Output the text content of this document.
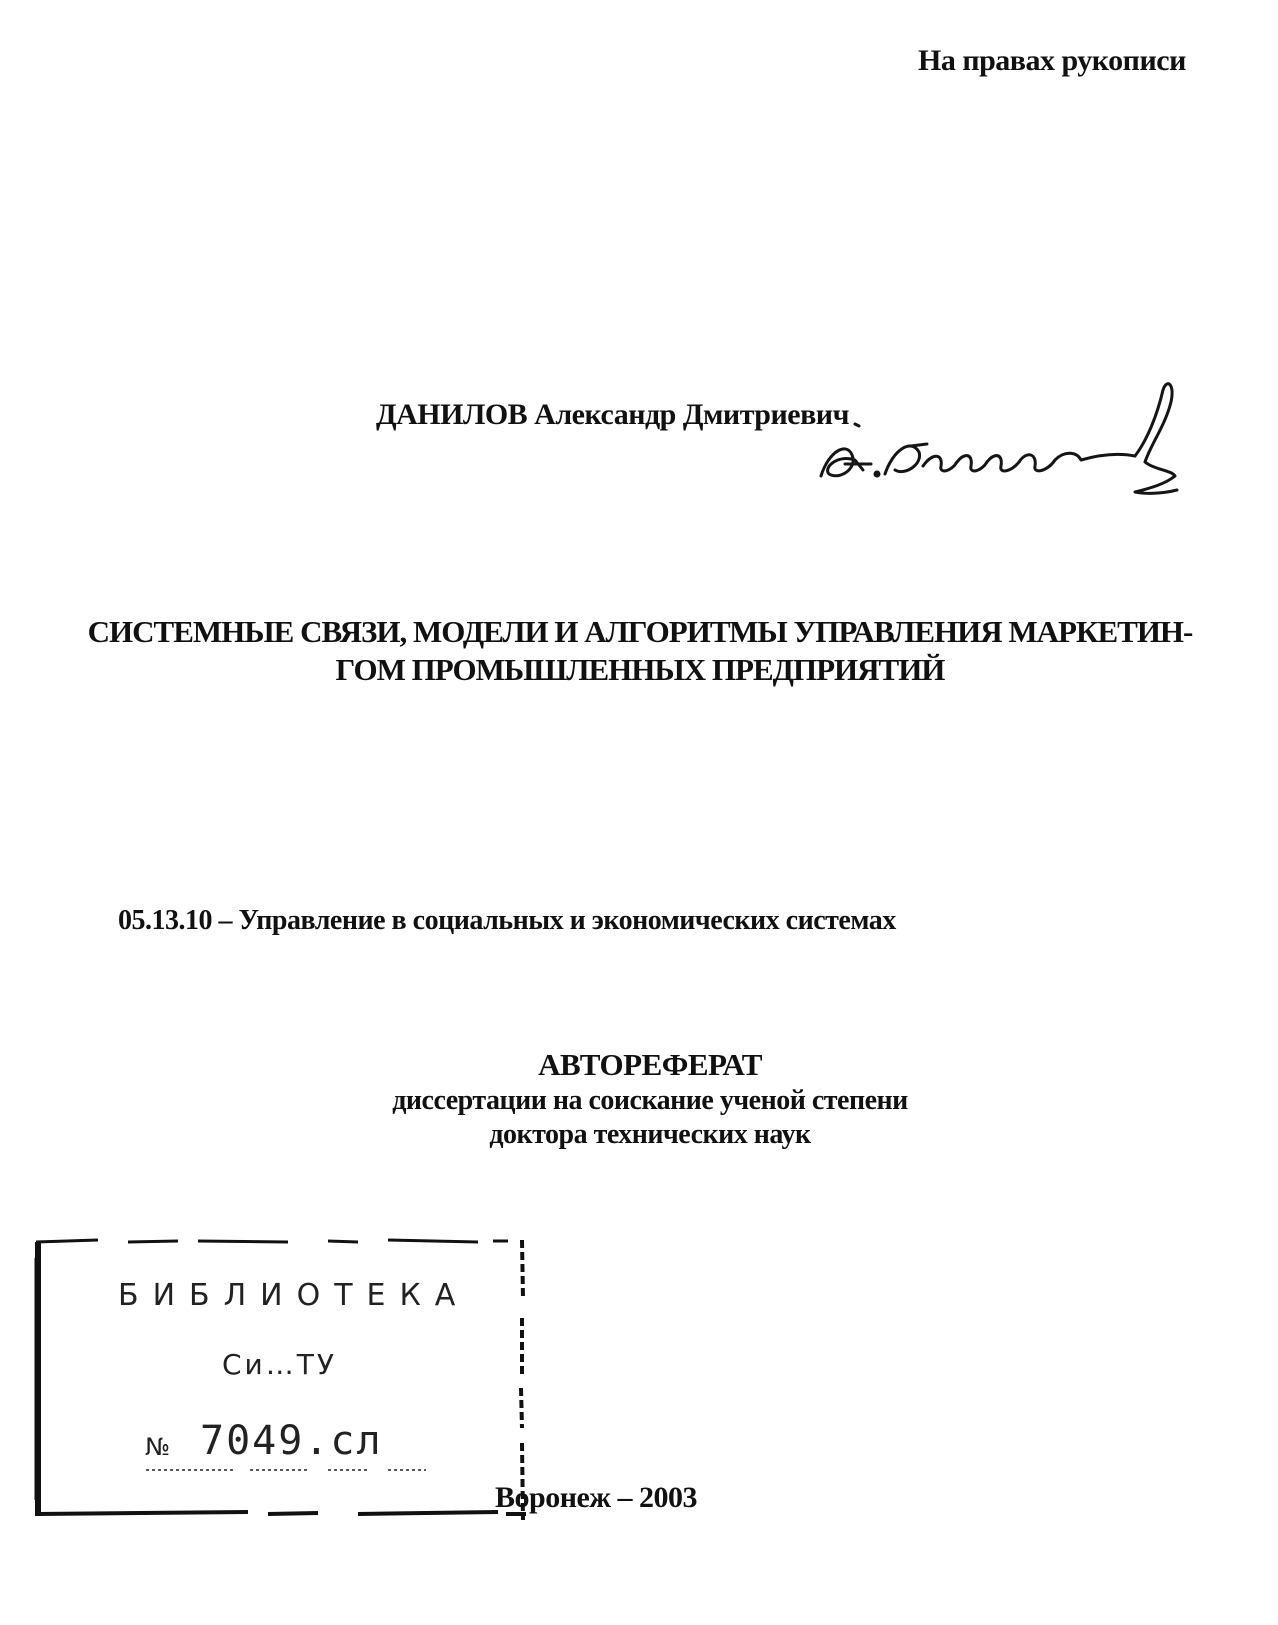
На правах рукописи
ДАНИЛОВ Александр Дмитриевич
СИСТЕМНЫЕ СВЯЗИ, МОДЕЛИ И АЛГОРИТМЫ УПРАВЛЕНИЯ МАРКЕТИН-
ГОМ ПРОМЫШЛЕННЫХ ПРЕДПРИЯТИЙ
05.13.10 – Управление в социальных и экономических системах
АВТОРЕФЕРАТ
диссертации на соискание ученой степени
доктора технических наук
БИБЛИОТЕКА
Си…ТУ
№ 7049.сл
Воронеж – 2003
